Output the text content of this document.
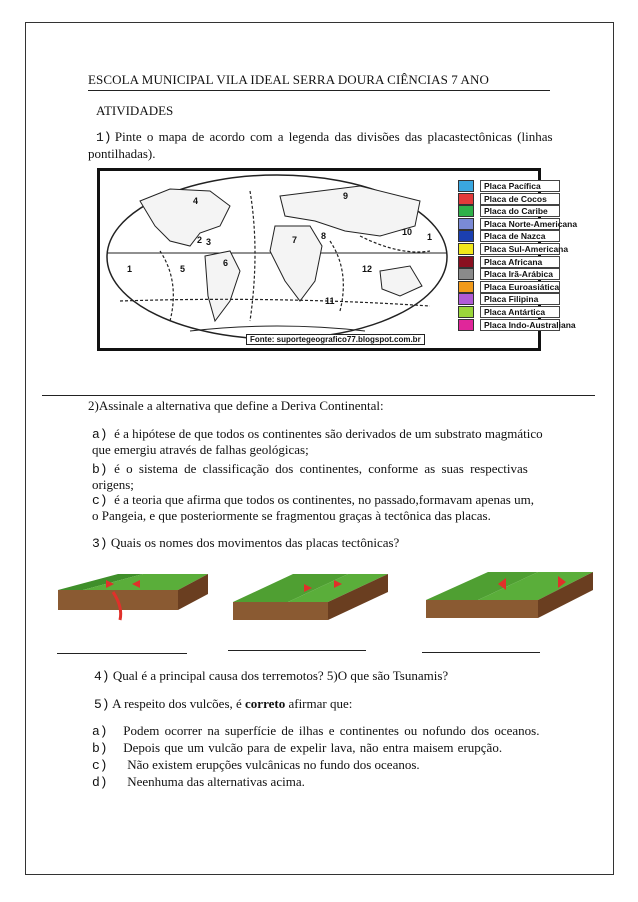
ESCOLA MUNICIPAL VILA IDEAL SERRA DOURA CIÊNCIAS 7 ANO
ATIVIDADES
1) Pinte o mapa de acordo com a legenda das divisões das placastectônicas (linhas
pontilhadas).
4	9
2 3
8
7
10 1
1	5
6
12
11
Fonte: suportegeografico77.blogspot.com.br
Placa Pacífica
Placa de Cocos
Placa do Caribe
Placa Norte-Americana
Placa de Nazca
Placa Sul-Americana
Placa Africana
Placa Irã-Arábica
Placa Euroasiática
Placa Filipina
Placa Antártica
Placa Indo-Australiana
2)Assinale a alternativa que define a Deriva Continental:
a) é a hipótese de que todos os continentes são derivados de um substrato magmático
que emergiu através de falhas geológicas;
b) é o sistema de classificação dos continentes, conforme as suas respectivas
origens;
c) é a teoria que afirma que todos os continentes, no passado,formavam apenas um,
o Pangeia, e que posteriormente se fragmentou graças à tectônica das placas.
3) Quais os nomes dos movimentos das placas tectônicas?
4) Qual é a principal causa dos terremotos? 5)O que são Tsunamis?
5) A respeito dos vulcões, é correto afirmar que:
a) Podem ocorrer na superfície de ilhas e continentes ou nofundo dos oceanos.
b) Depois que um vulcão para de expelir lava, não entra maisem erupção.
c) Não existem erupções vulcânicas no fundo dos oceanos.
d) Neenhuma das alternativas acima.
